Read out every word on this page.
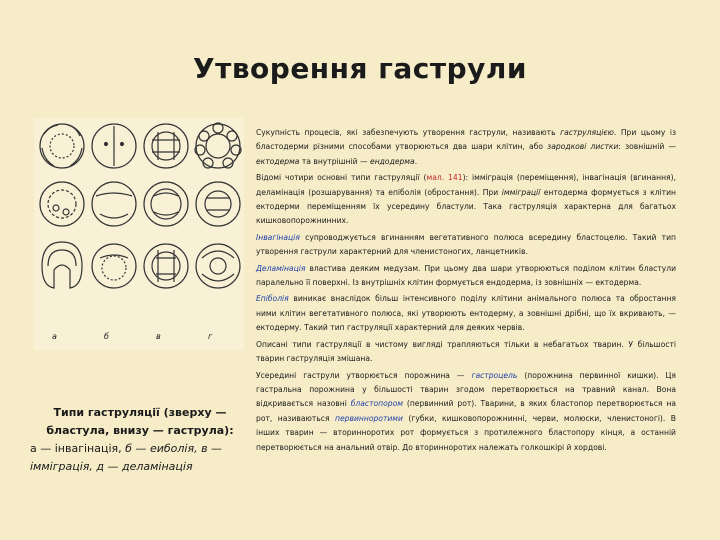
Утворення гаструли
а	б	в	г
Типи гаструляції (зверху — бластула, внизу — гаструла):
а — інвагінація, б — еиболія, в —
імміграція, д — деламінація

Сукупність процесів, які забезпечують утворення гаструли, називають гаструляцією. При цьому із бластодерми різними способами утворюються два шари клітин, або зародкові листки: зовнішній — ектодерма та внутрішній — ендодерма.

Відомі чотири основні типи гаструляції (мал. 141): імміграція (переміщення), інвагінація (вгинання), деламінація (розшарування) та епіболія (обростання). При імміграції ентодерма формується з клітин ектодерми переміщенням їх усередину бластули. Така гаструляція характерна для багатьох кишковопорожнинних.

Інвагінація супроводжується вгинанням вегетативного полюса всередину бластоцелю. Такий тип утворення гаструли характерний для членистоногих, ланцетників.

Деламінація властива деяким медузам. При цьому два шари утворюються поділом клітин бластули паралельно її поверхні. Із внутрішніх клітин формується ендодерма, із зовнішніх — ектодерма.

Епіболія виникає внаслідок більш інтенсивного поділу клітини анімального полюса та обростання ними клітин вегетативного полюса, які утворюють ентодерму, а зовнішні дрібні, що їх вкривають, — ектодерму. Такий тип гаструляції характерний для деяких червів.

Описані типи гаструляції в чистому вигляді трапляються тільки в небагатьох тварин. У більшості тварин гаструляція змішана.

Усередині гаструли утворюється порожнина — гастроцель (порожнина первинної кишки). Ця гастральна порожнина у більшості тварин згодом перетворюється на травний канал. Вона відкривається назовні бластопором (первинний рот). Тварини, в яких бластопор перетворюється на рот, називаються первинноротими (губки, кишковопорожнинні, черви, молюски, членистоногі). В інших тварин — вторинноротих рот формується з протилежного бластопору кінця, а останній перетворюється на анальний отвір. До вторинноротих належать голкошкірі й хордові.
